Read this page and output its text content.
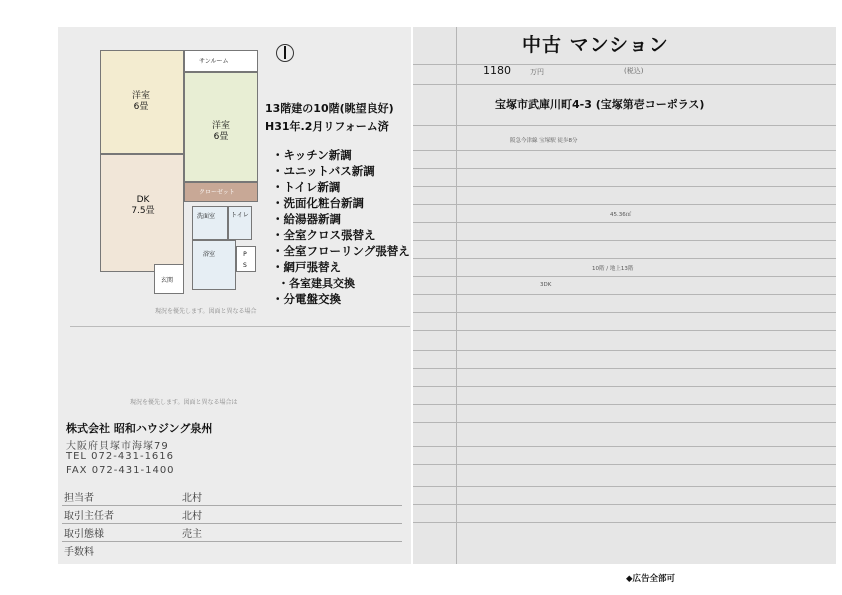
洋室
6畳
サンルーム
洋室
6畳
DK
7.5畳
クローゼット
洗面室	トイレ
浴室	P
S
玄関
13階建の10階(眺望良好)
H31年.2月リフォーム済
・キッチン新調
・ユニットバス新調
・トイレ新調
・洗面化粧台新調
・給湯器新調
・全室クロス張替え
・全室フローリング張替え
・網戸張替え
・各室建具交換
・分電盤交換
現況を優先します。図面と異なる場合
現況を優先します。図面と異なる場合は
株式会社 昭和ハウジング泉州
大阪府貝塚市海塚79
TEL 072-431-1616
FAX 072-431-1400
担当者	北村
取引主任者	北村
取引態様	売主
手数料
中古 マンション
1180	万円	(税込)
宝塚市武庫川町4-3 (宝塚第壱コーポラス)
阪急今津線 宝塚駅 徒歩8分
45.36㎡
10階 / 地上13階
3DK
◆広告全部可
